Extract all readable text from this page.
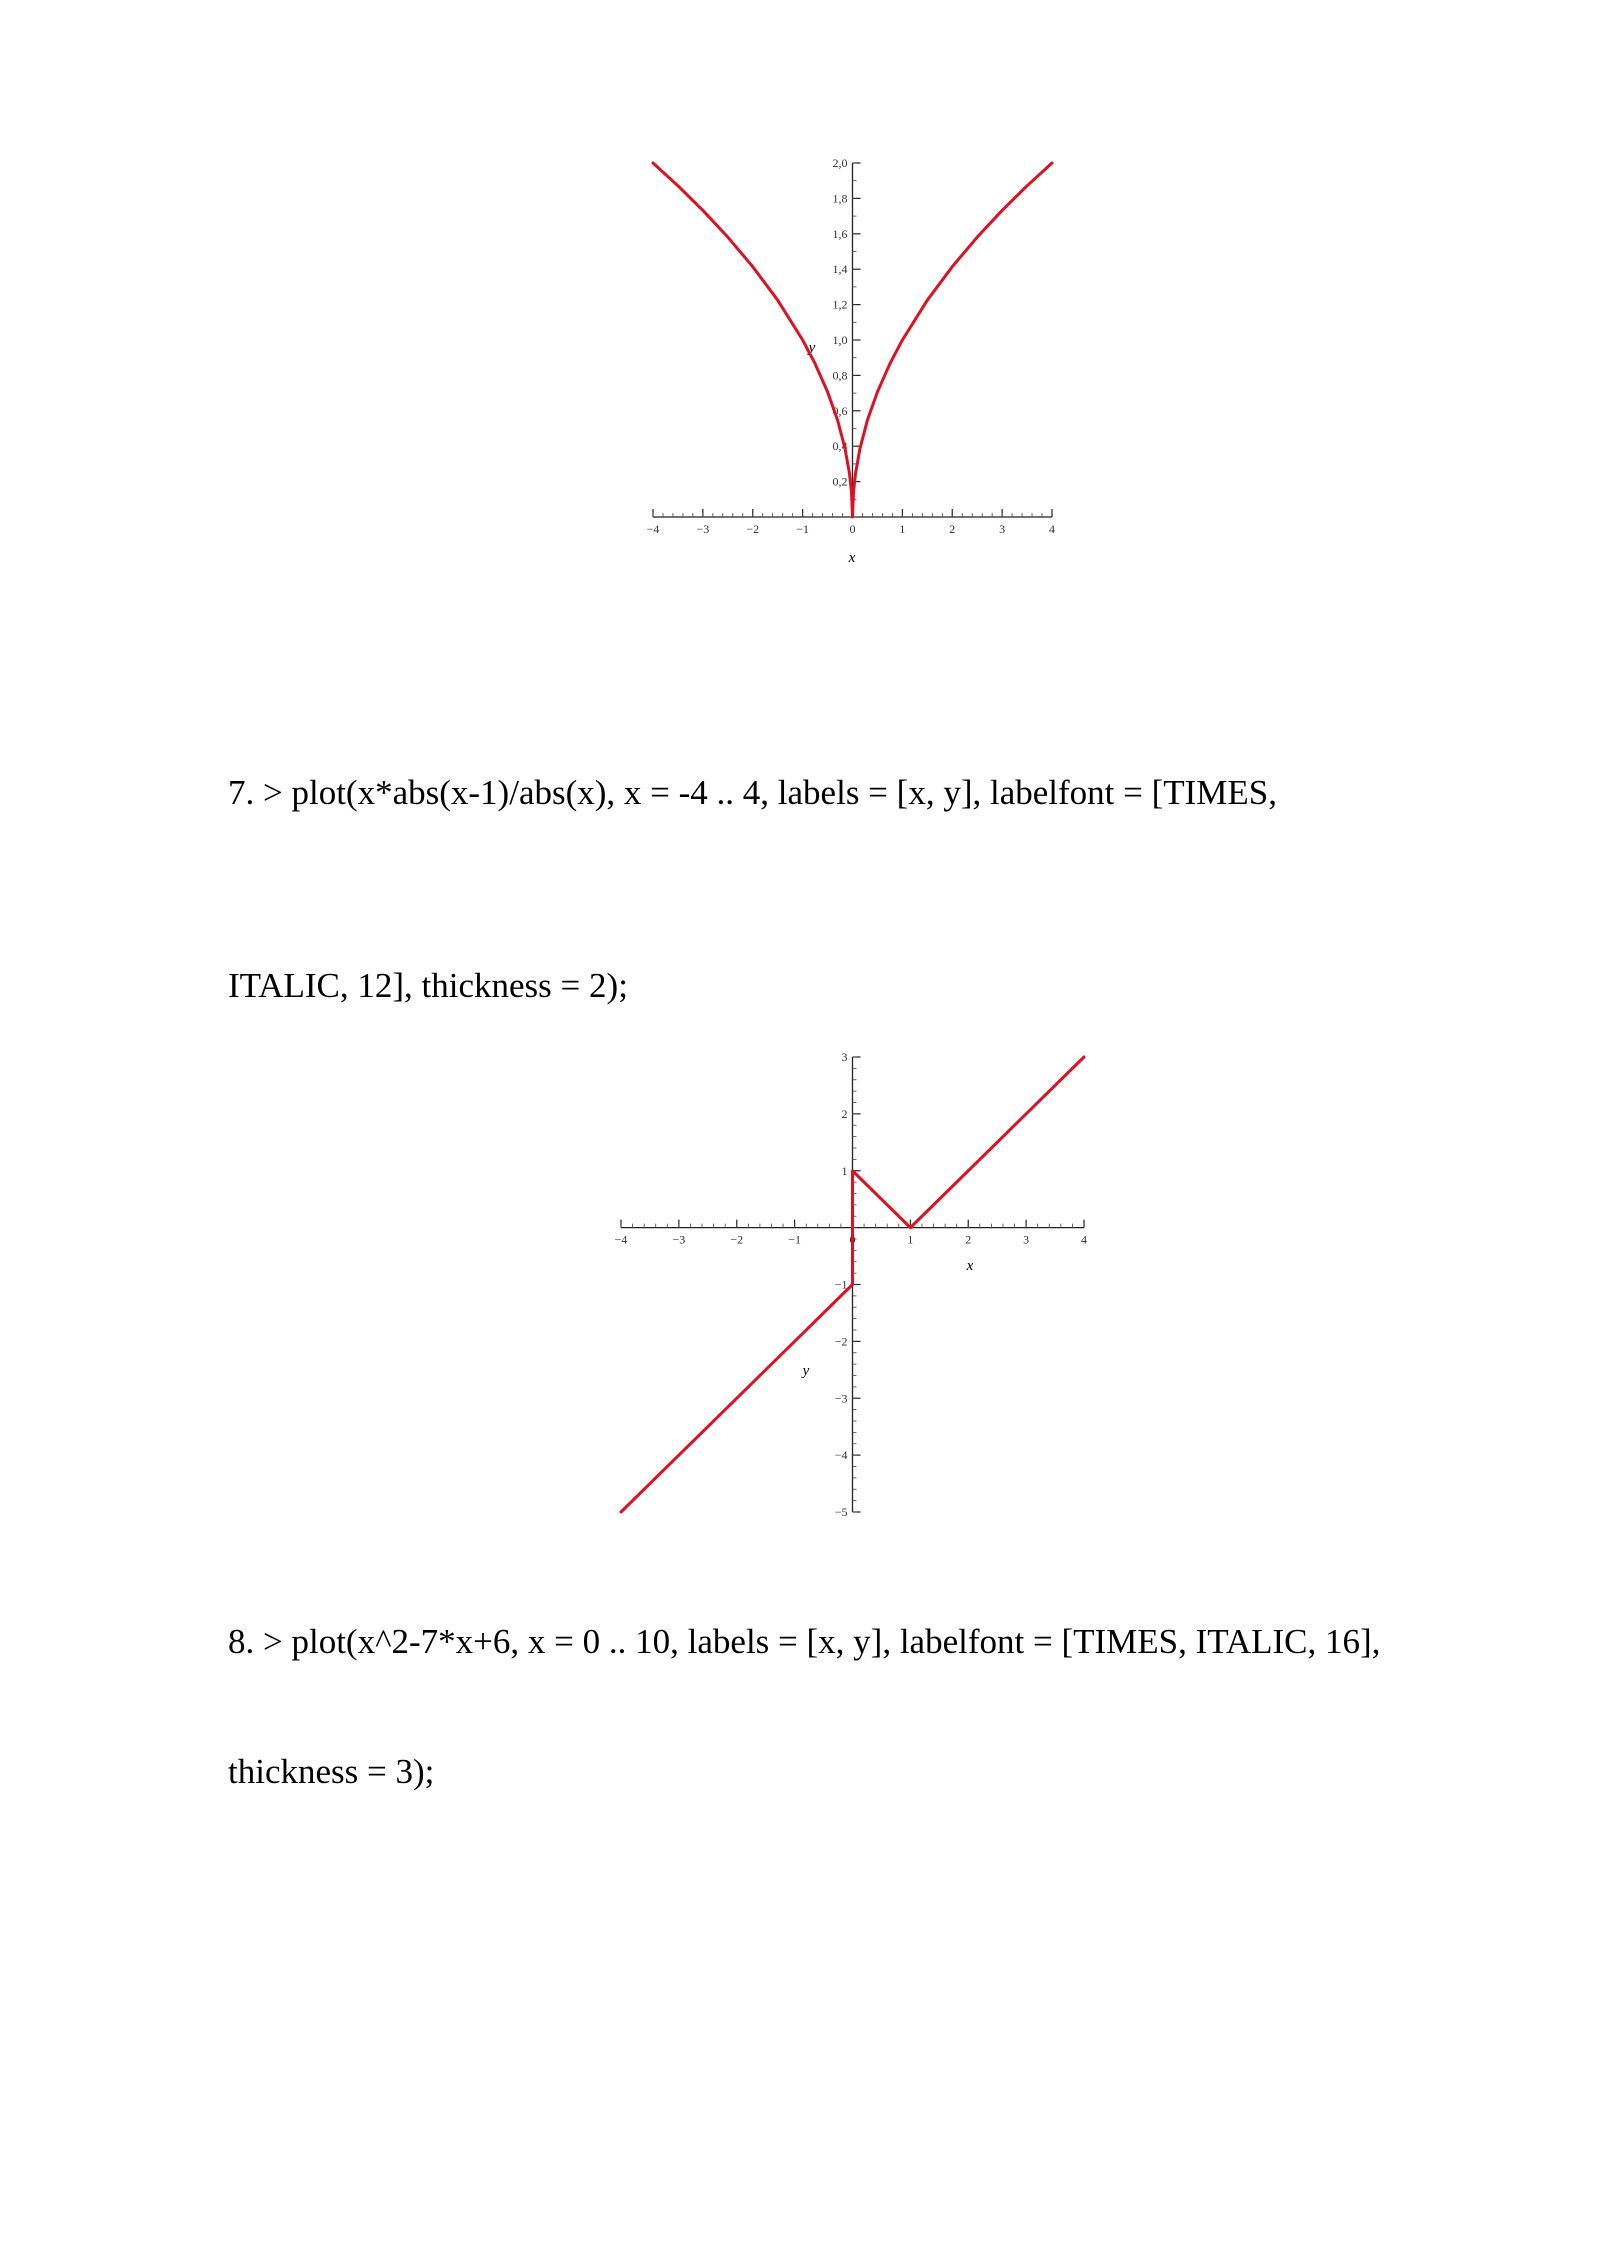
−4	−3	−2	−1	0	1	2	3	4
0,2
0,4
0,6
0,8
1,0
1,2
1,4
1,6
1,8
2,0
x
y
−4	−3	−2	−1	0	1	2	3	4
3
2
1
−1
−2
−3
−4
−5
x
y
7. > plot(x*abs(x-1)/abs(x), x = -4 .. 4, labels = [x, y], labelfont = [TIMES,
ITALIC, 12], thickness = 2);
8. > plot(x^2-7*x+6, x = 0 .. 10, labels = [x, y], labelfont = [TIMES, ITALIC, 16],
thickness = 3);
